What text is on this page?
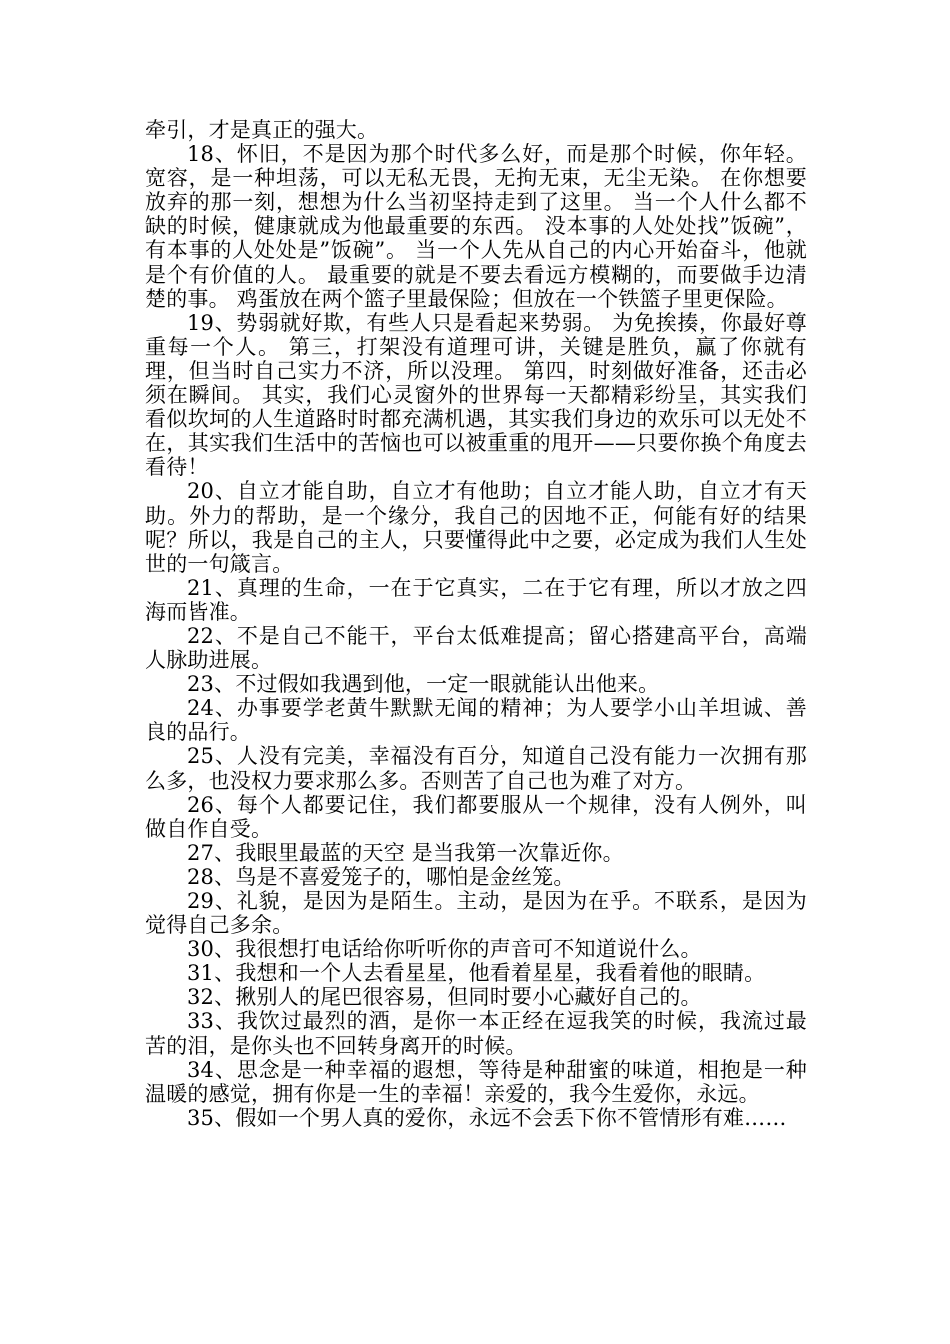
牵引，才是真正的强大。

18、怀旧，不是因为那个时代多么好，而是那个时候，你年轻。 宽容，是一种坦荡，可以无私无畏，无拘无束，无尘无染。 在你想要放弃的那一刻，想想为什么当初坚持走到了这里。 当一个人什么都不缺的时候，健康就成为他最重要的东西。 没本事的人处处找”饭碗”，有本事的人处处是”饭碗”。 当一个人先从自己的内心开始奋斗，他就是个有价值的人。 最重要的就是不要去看远方模糊的，而要做手边清楚的事。 鸡蛋放在两个篮子里最保险；但放在一个铁篮子里更保险。

19、势弱就好欺，有些人只是看起来势弱。 为免挨揍，你最好尊重每一个人。 第三，打架没有道理可讲，关键是胜负，赢了你就有理，但当时自己实力不济，所以没理。 第四，时刻做好准备，还击必须在瞬间。 其实，我们心灵窗外的世界每一天都精彩纷呈，其实我们看似坎坷的人生道路时时都充满机遇，其实我们身边的欢乐可以无处不在，其实我们生活中的苦恼也可以被重重的甩开——只要你换个角度去看待！

20、自立才能自助，自立才有他助；自立才能人助，自立才有天助。外力的帮助，是一个缘分，我自己的因地不正，何能有好的结果呢？所以，我是自己的主人，只要懂得此中之要，必定成为我们人生处世的一句箴言。

21、真理的生命，一在于它真实，二在于它有理，所以才放之四海而皆准。

22、不是自己不能干，平台太低难提高；留心搭建高平台，高端人脉助进展。

23、不过假如我遇到他，一定一眼就能认出他来。

24、办事要学老黄牛默默无闻的精神；为人要学小山羊坦诚、善良的品行。

25、人没有完美，幸福没有百分，知道自己没有能力一次拥有那么多，也没权力要求那么多。否则苦了自己也为难了对方。

26、每个人都要记住，我们都要服从一个规律，没有人例外，叫做自作自受。

27、我眼里最蓝的天空 是当我第一次靠近你。

28、鸟是不喜爱笼子的，哪怕是金丝笼。

29、礼貌，是因为是陌生。主动，是因为在乎。不联系，是因为觉得自己多余。

30、我很想打电话给你听听你的声音可不知道说什么。

31、我想和一个人去看星星，他看着星星，我看着他的眼睛。

32、揪别人的尾巴很容易，但同时要小心藏好自己的。

33、我饮过最烈的酒，是你一本正经在逗我笑的时候，我流过最苦的泪，是你头也不回转身离开的时候。

34、思念是一种幸福的遐想，等待是种甜蜜的味道，相抱是一种温暖的感觉，拥有你是一生的幸福！亲爱的，我今生爱你，永远。

35、假如一个男人真的爱你，永远不会丢下你不管情形有难……
